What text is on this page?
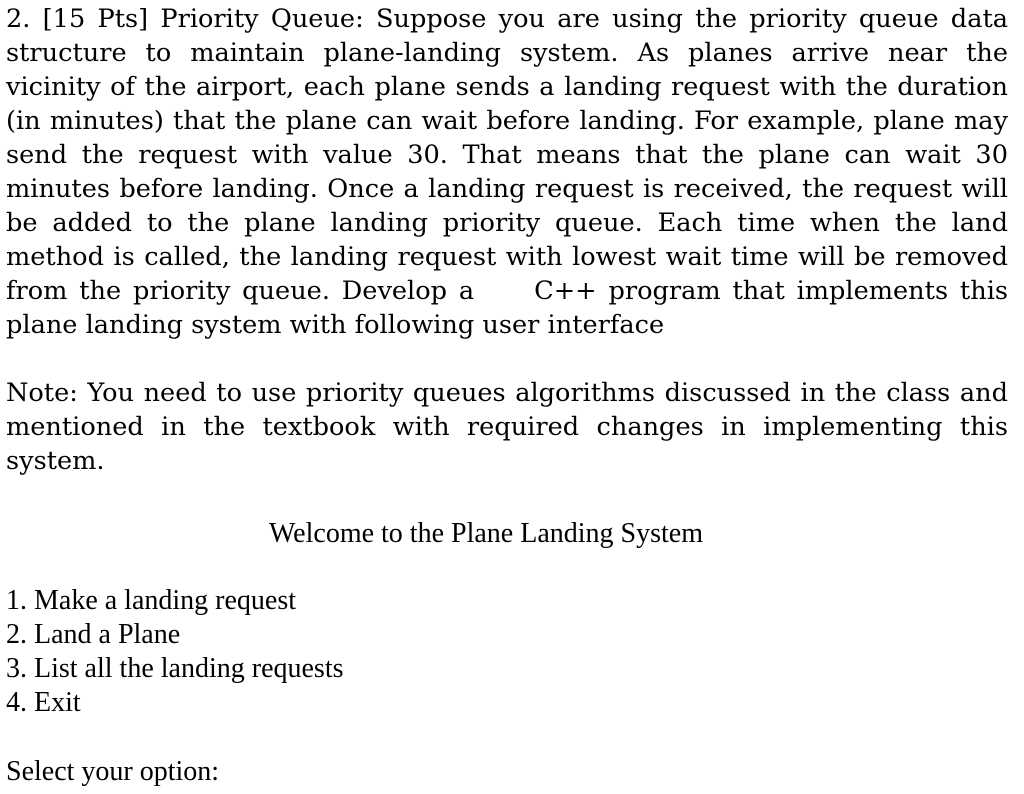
2. [15 Pts] Priority Queue: Suppose you are using the priority queue data structure to maintain plane-landing system. As planes arrive near the vicinity of the airport, each plane sends a landing request with the duration (in minutes) that the plane can wait before landing. For example, plane may send the request with value 30. That means that the plane can wait 30 minutes before landing. Once a landing request is received, the request will be added to the plane landing priority queue. Each time when the land method is called, the landing request with lowest wait time will be removed from the priority queue. Develop a C++ program that implements this plane landing system with following user interface

Note: You need to use priority queues algorithms discussed in the class and mentioned in the textbook with required changes in implementing this system.

Welcome to the Plane Landing System

1. Make a landing request
2. Land a Plane
3. List all the landing requests
4. Exit

Select your option:
